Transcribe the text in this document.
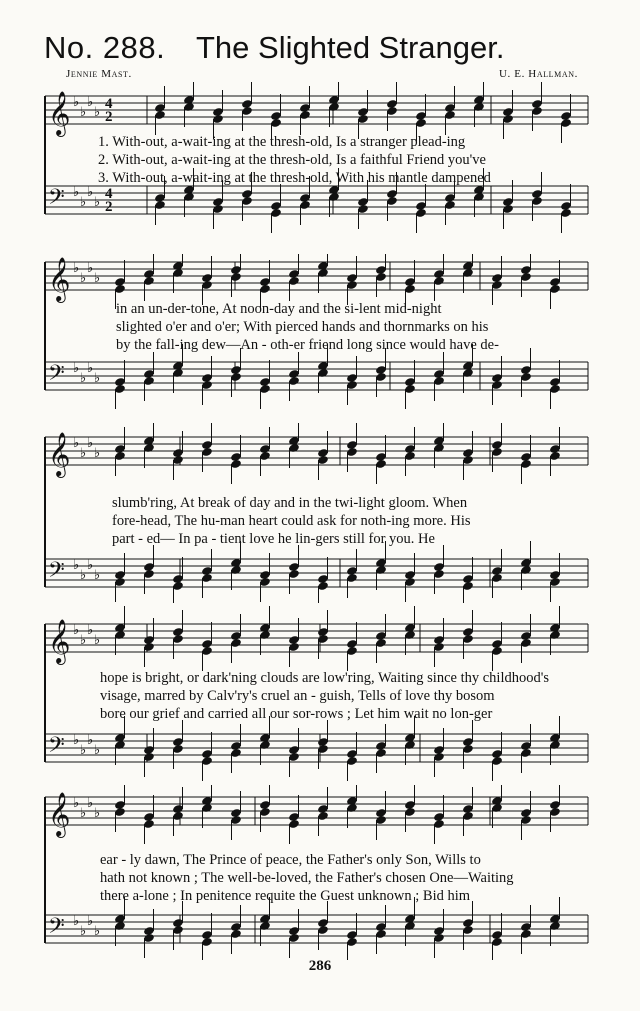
No. 288. The Slighted Stranger.
Jennie Mast.	U. E. Hallman.
𝄞 ♭
♭
♭
♭
𝄢 ♭
♭
♭
♭
4
4
2
2
1. With-out, a-wait-ing at the thresh-old, Is a stranger plead-ing
2. With-out, a-wait-ing at the thresh-old, Is a faithful Friend you've
3. With-out, a-wait-ing at the thresh-old, With his mantle dampened
𝄞 ♭
♭
♭
♭
𝄢 ♭
♭
♭
♭
in an un-der-tone, At noon-day and the si-lent mid-night
slighted o'er and o'er; With pierced hands and thornmarks on his
by the fall-ing dew—An - oth-er friend long since would have de-
𝄞 ♭
♭
♭
♭
𝄢 ♭
♭
♭
♭
slumb'ring, At break of day and in the twi-light gloom. When
fore-head, The hu-man heart could ask for noth-ing more. His
part - ed— In pa - tient love he lin-gers still for you. He
𝄞 ♭
♭
♭
♭
𝄢 ♭
♭
♭
♭
hope is bright, or dark'ning clouds are low'ring, Waiting since thy childhood's
visage, marred by Calv'ry's cruel an - guish, Tells of love thy bosom
bore our grief and carried all our sor-rows ; Let him wait no lon-ger
𝄞 ♭
♭
♭
♭
𝄢 ♭
♭
♭
♭
ear - ly dawn, The Prince of peace, the Father's only Son, Wills to
hath not known ; The well-be-loved, the Father's chosen One—Waiting
there a-lone ; In penitence requite the Guest unknown ; Bid him
286
